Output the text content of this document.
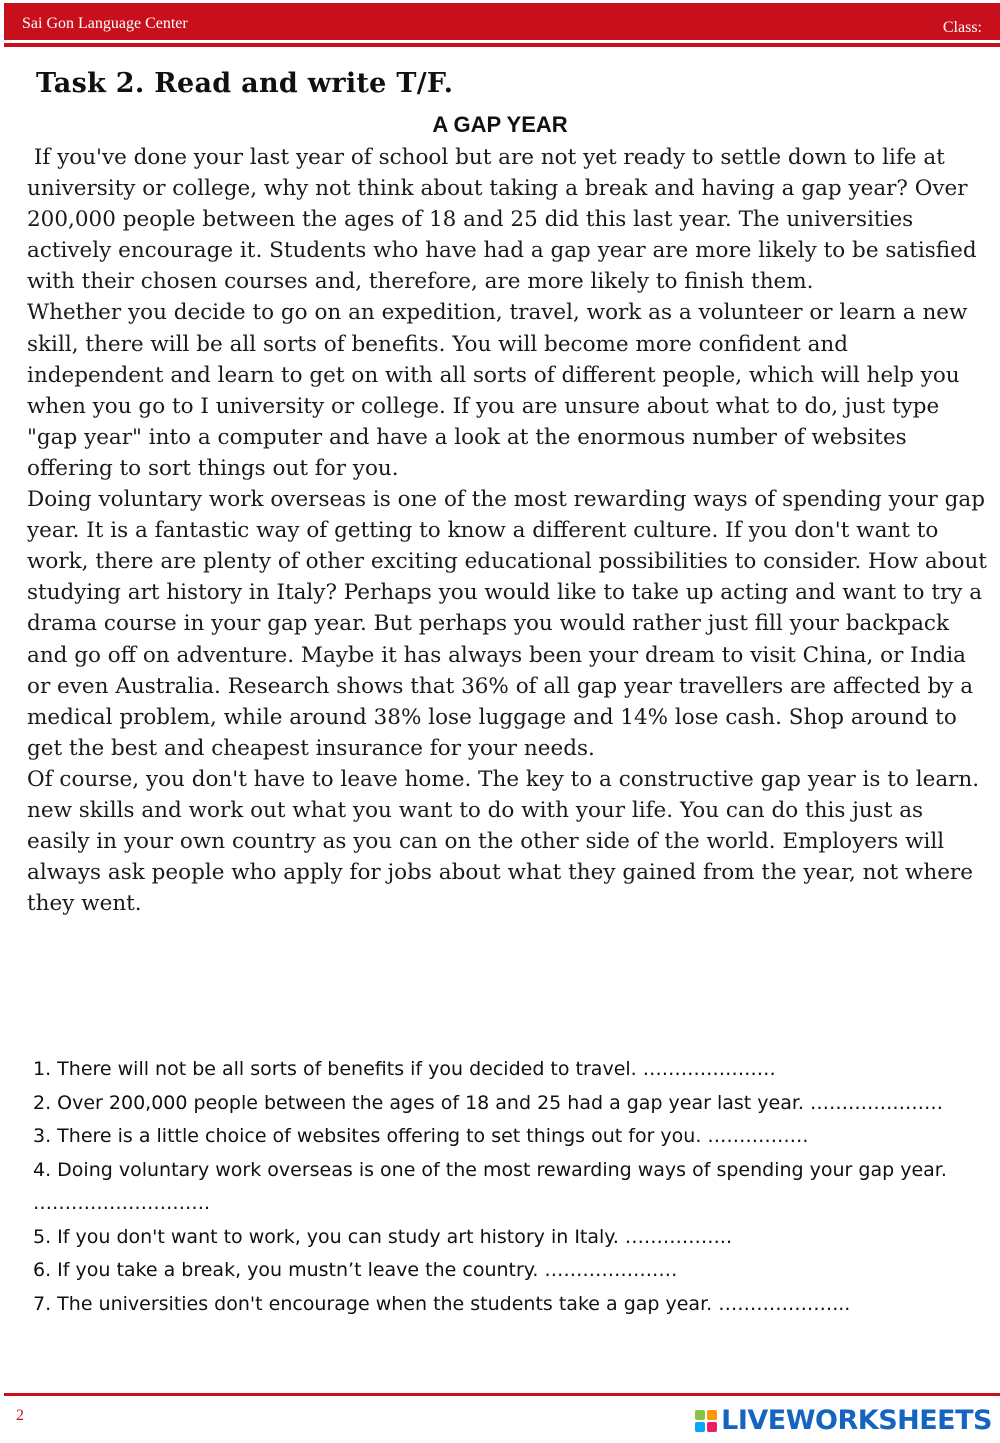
Sai Gon Language Center	Class:
Task 2. Read and write T/F.
A GAP YEAR

If you've done your last year of school but are not yet ready to settle down to life at university or college, why not think about taking a break and having a gap year? Over 200,000 people between the ages of 18 and 25 did this last year. The universities actively encourage it. Students who have had a gap year are more likely to be satisfied with their chosen courses and, therefore, are more likely to finish them.

Whether you decide to go on an expedition, travel, work as a volunteer or learn a new skill, there will be all sorts of benefits. You will become more confident and independent and learn to get on with all sorts of different people, which will help you when you go to I university or college. If you are unsure about what to do, just type "gap year" into a computer and have a look at the enormous number of websites offering to sort things out for you.

Doing voluntary work overseas is one of the most rewarding ways of spending your gap year. It is a fantastic way of getting to know a different culture. If you don't want to work, there are plenty of other exciting educational possibilities to consider. How about studying art history in Italy? Perhaps you would like to take up acting and want to try a drama course in your gap year. But perhaps you would rather just fill your backpack and go off on adventure. Maybe it has always been your dream to visit China, or India or even Australia. Research shows that 36% of all gap year travellers are affected by a medical problem, while around 38% lose luggage and 14% lose cash. Shop around to get the best and cheapest insurance for your needs.

Of course, you don't have to leave home. The key to a constructive gap year is to learn. new skills and work out what you want to do with your life. You can do this just as easily in your own country as you can on the other side of the world. Employers will always ask people who apply for jobs about what they gained from the year, not where they went.

1. There will not be all sorts of benefits if you decided to travel. …………………
2. Over 200,000 people between the ages of 18 and 25 had a gap year last year. …………………
3. There is a little choice of websites offering to set things out for you. …………….
4. Doing voluntary work overseas is one of the most rewarding ways of spending your gap year. ……………………….
5. If you don't want to work, you can study art history in Italy. ……………..
6. If you take a break, you mustn’t leave the country. …………………
7. The universities don't encourage when the students take a gap year. ………………...
2	LIVEWORKSHEETS
